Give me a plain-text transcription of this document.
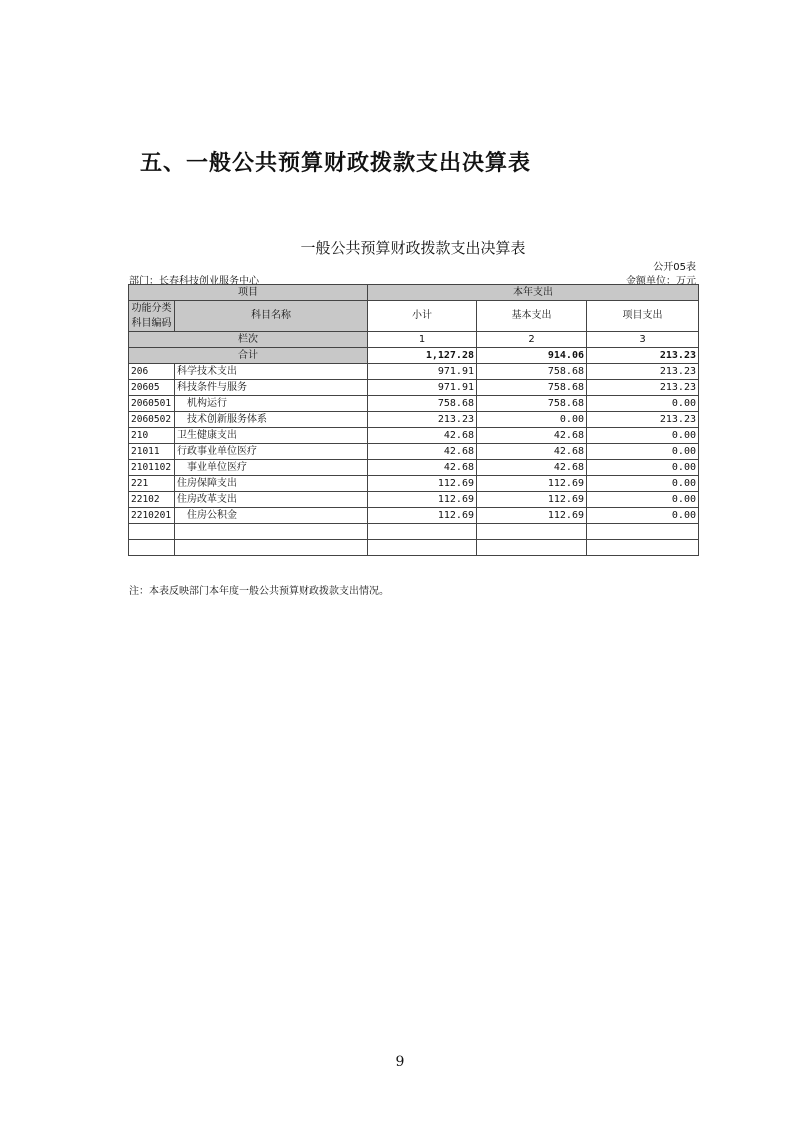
五、一般公共预算财政拨款支出决算表
一般公共预算财政拨款支出决算表
公开05表
部门：长春科技创业服务中心	金额单位：万元
项目		本年支出		
功能分类
科目编码	科目名称	小计	基本支出	项目支出
栏次		1	2	3
合计		1,127.28	914.06	213.23
206	科学技术支出	971.91	758.68	213.23
20605	科技条件与服务	971.91	758.68	213.23
2060501	机构运行	758.68	758.68	0.00
2060502	技术创新服务体系	213.23	0.00	213.23
210	卫生健康支出	42.68	42.68	0.00
21011	行政事业单位医疗	42.68	42.68	0.00
2101102	事业单位医疗	42.68	42.68	0.00
221	住房保障支出	112.69	112.69	0.00
22102	住房改革支出	112.69	112.69	0.00
2210201	住房公积金	112.69	112.69	0.00

注：本表反映部门本年度一般公共预算财政拨款支出情况。
9
